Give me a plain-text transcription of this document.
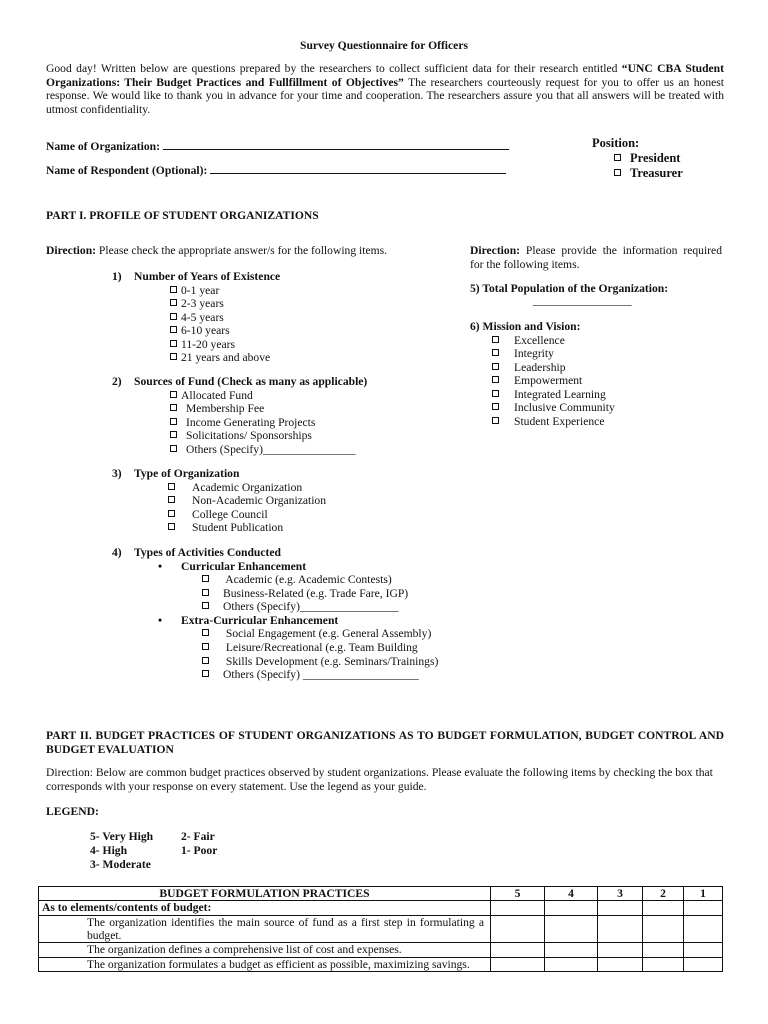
Survey Questionnaire for Officers
Good day! Written below are questions prepared by the researchers to collect sufficient data for their research entitled “UNC CBA Student Organizations: Their Budget Practices and Fullfillment of Objectives” The researchers courteously request for you to offer us an honest response. We would like to thank you in advance for your time and cooperation. The researchers assure you that all answers will be treated with utmost confidentiality.
Name of Organization:
Name of Respondent (Optional):
Position:
President
Treasurer
PART I. PROFILE OF STUDENT ORGANIZATIONS
Direction: Please check the appropriate answer/s for the following items.
1) Number of Years of Existence
0-1 year
2-3 years
4-5 years
6-10 years
11-20 years
21 years and above
2) Sources of Fund (Check as many as applicable)
Allocated Fund
Membership Fee
Income Generating Projects
Solicitations/ Sponsorships
Others (Specify)________________
3) Type of Organization
Academic Organization
Non-Academic Organization
College Council
Student Publication
4) Types of Activities Conducted
• Curricular Enhancement
Academic (e.g. Academic Contests)
Business-Related (e.g. Trade Fare, IGP)
Others (Specify)_________________
• Extra-Curricular Enhancement
Social Engagement (e.g. General Assembly)
Leisure/Recreational (e.g. Team Building
Skills Development (e.g. Seminars/Trainings)
Others (Specify) ____________________
Direction: Please provide the information required for the following items.
5) Total Population of the Organization:
_________________
6) Mission and Vision:
Excellence
Integrity
Leadership
Empowerment
Integrated Learning
Inclusive Community
Student Experience
PART II. BUDGET PRACTICES OF STUDENT ORGANIZATIONS AS TO BUDGET FORMULATION, BUDGET CONTROL AND BUDGET EVALUATION
Direction: Below are common budget practices observed by student organizations. Please evaluate the following items by checking the box that corresponds with your response on every statement. Use the legend as your guide.
LEGEND:
5- Very High
4- High
3- Moderate
2- Fair
1- Poor
BUDGET FORMULATION PRACTICES	5	4	3	2	1
As to elements/contents of budget:					
The organization identifies the main source of fund as a first step in formulating a budget.					
The organization defines a comprehensive list of cost and expenses.					
The organization formulates a budget as efficient as possible, maximizing savings.					
